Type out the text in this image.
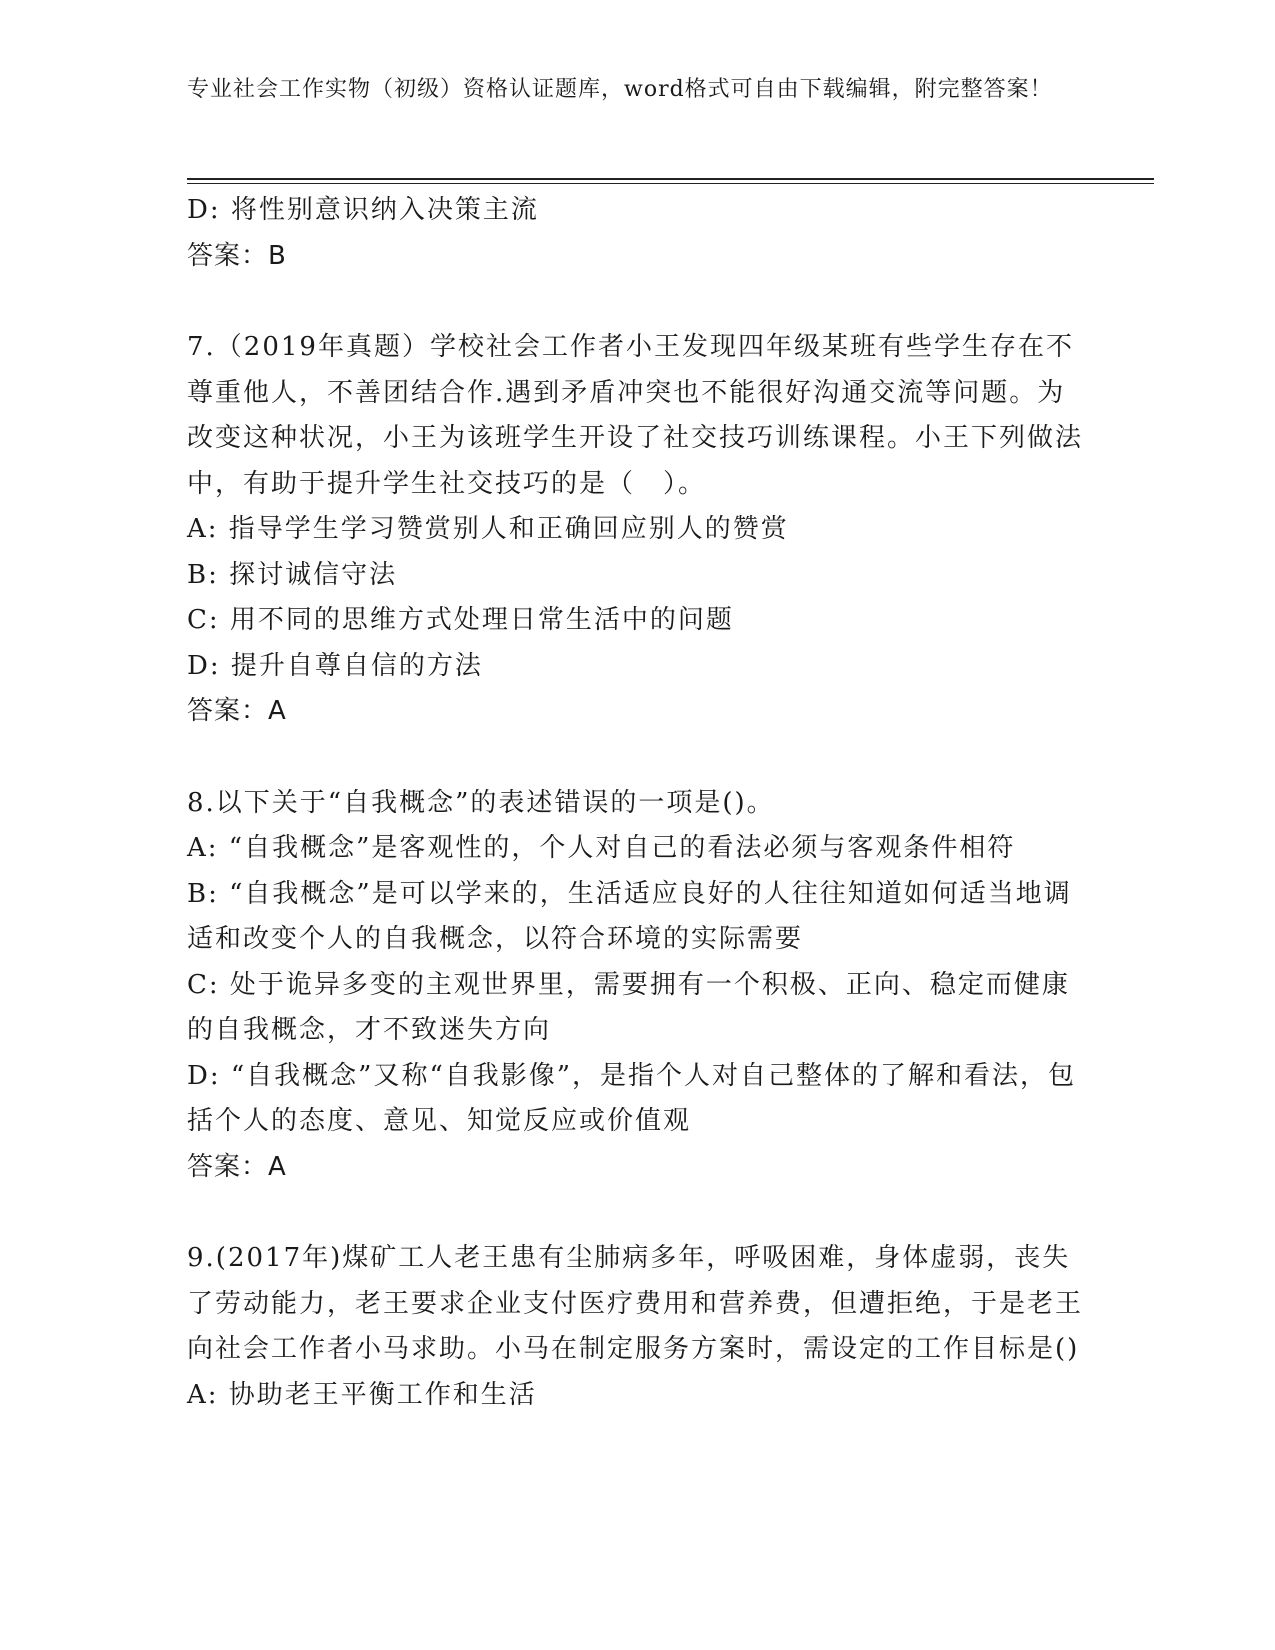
专业社会工作实物（初级）资格认证题库，word格式可自由下载编辑，附完整答案！

D: 将性别意识纳入决策主流

答案：B

7.（2019年真题）学校社会工作者小王发现四年级某班有些学生存在不尊重他人，不善团结合作.遇到矛盾冲突也不能很好沟通交流等问题。为改变这种状况，小王为该班学生开设了社交技巧训练课程。小王下列做法中，有助于提升学生社交技巧的是（　）。

A: 指导学生学习赞赏别人和正确回应别人的赞赏

B: 探讨诚信守法

C: 用不同的思维方式处理日常生活中的问题

D: 提升自尊自信的方法

答案：A

8.以下关于“自我概念”的表述错误的一项是()。

A: “自我概念”是客观性的，个人对自己的看法必须与客观条件相符

B: “自我概念”是可以学来的，生活适应良好的人往往知道如何适当地调适和改变个人的自我概念，以符合环境的实际需要

C: 处于诡异多变的主观世界里，需要拥有一个积极、正向、稳定而健康的自我概念，才不致迷失方向

D: “自我概念”又称“自我影像”，是指个人对自己整体的了解和看法，包括个人的态度、意见、知觉反应或价值观

答案：A

9.(2017年)煤矿工人老王患有尘肺病多年，呼吸困难，身体虚弱，丧失了劳动能力，老王要求企业支付医疗费用和营养费，但遭拒绝，于是老王向社会工作者小马求助。小马在制定服务方案时，需设定的工作目标是()

A: 协助老王平衡工作和生活
